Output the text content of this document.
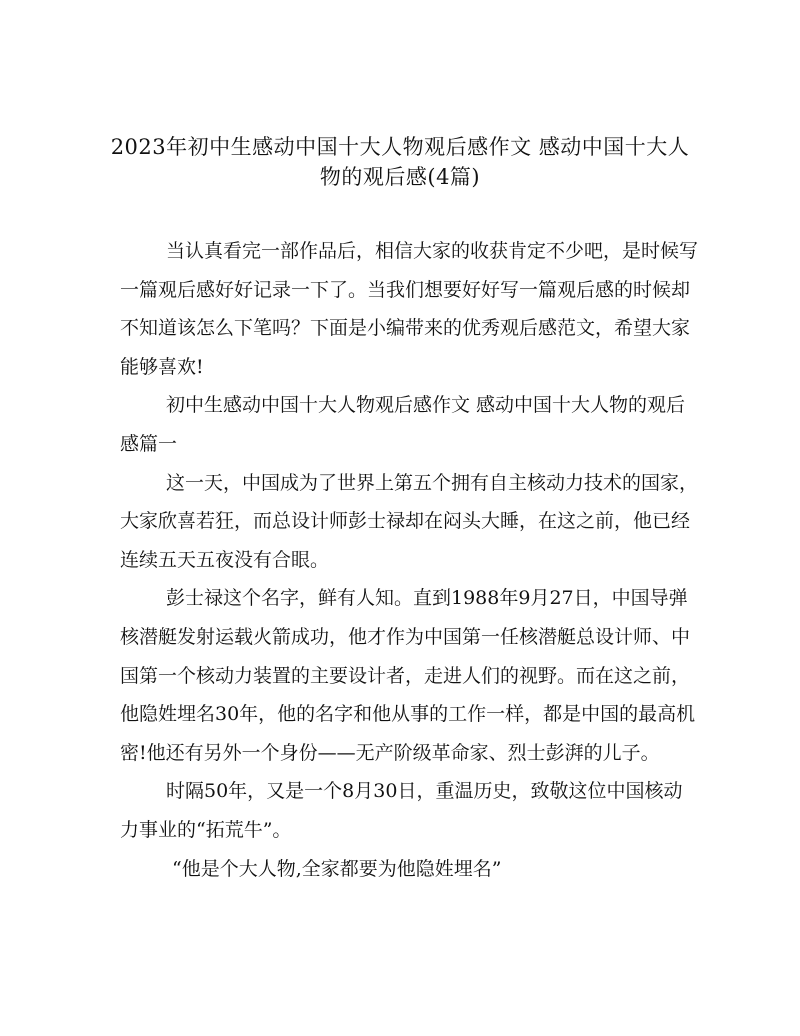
2023年初中生感动中国十大人物观后感作文 感动中国十大人
物的观后感(4篇)
当认真看完一部作品后，相信大家的收获肯定不少吧，是时候写
一篇观后感好好记录一下了。当我们想要好好写一篇观后感的时候却
不知道该怎么下笔吗？下面是小编带来的优秀观后感范文，希望大家
能够喜欢!
初中生感动中国十大人物观后感作文 感动中国十大人物的观后
感篇一
这一天，中国成为了世界上第五个拥有自主核动力技术的国家，
大家欣喜若狂，而总设计师彭士禄却在闷头大睡，在这之前，他已经
连续五天五夜没有合眼。
彭士禄这个名字，鲜有人知。直到1988年9月27日，中国导弹
核潜艇发射运载火箭成功，他才作为中国第一任核潜艇总设计师、中
国第一个核动力装置的主要设计者，走进人们的视野。而在这之前，
他隐姓埋名30年，他的名字和他从事的工作一样，都是中国的最高机
密!他还有另外一个身份——无产阶级革命家、烈士彭湃的儿子。
时隔50年，又是一个8月30日，重温历史，致敬这位中国核动
力事业的“拓荒牛”。
“他是个大人物,全家都要为他隐姓埋名”
